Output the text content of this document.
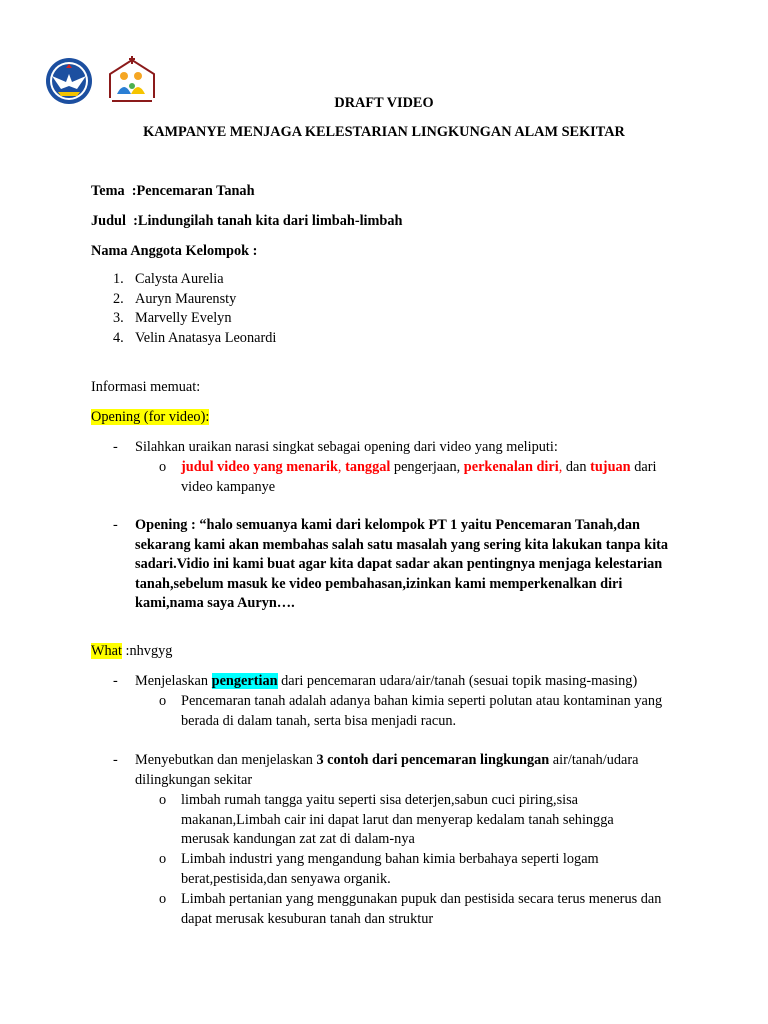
DRAFT VIDEO
KAMPANYE MENJAGA KELESTARIAN LINGKUNGAN ALAM SEKITAR
Tema :Pencemaran Tanah
Judul :Lindungilah tanah kita dari limbah-limbah
Nama Anggota Kelompok :
1. Calysta Aurelia
2. Auryn Maurensty
3. Marvelly Evelyn
4. Velin Anatasya Leonardi
Informasi memuat:
Opening (for video):
- Silahkan uraikan narasi singkat sebagai opening dari video yang meliputi:
o judul video yang menarik, tanggal pengerjaan, perkenalan diri, dan tujuan dari video kampanye
- Opening : “halo semuanya kami dari kelompok PT 1 yaitu Pencemaran Tanah,dan sekarang kami akan membahas salah satu masalah yang sering kita lakukan tanpa kita sadari.Vidio ini kami buat agar kita dapat sadar akan pentingnya menjaga kelestarian tanah,sebelum masuk ke video pembahasan,izinkan kami memperkenalkan diri kami,nama saya Auryn….
What :nhvgyg
- Menjelaskan pengertian dari pencemaran udara/air/tanah (sesuai topik masing-masing)
o Pencemaran tanah adalah adanya bahan kimia seperti polutan atau kontaminan yang berada di dalam tanah, serta bisa menjadi racun.
- Menyebutkan dan menjelaskan 3 contoh dari pencemaran lingkungan air/tanah/udara dilingkungan sekitar
o limbah rumah tangga yaitu seperti sisa deterjen,sabun cuci piring,sisa makanan,Limbah cair ini dapat larut dan menyerap kedalam tanah sehingga merusak kandungan zat zat di dalam-nya
o Limbah industri yang mengandung bahan kimia berbahaya seperti logam berat,pestisida,dan senyawa organik.
o Limbah pertanian yang menggunakan pupuk dan pestisida secara terus menerus dan dapat merusak kesuburan tanah dan struktur
